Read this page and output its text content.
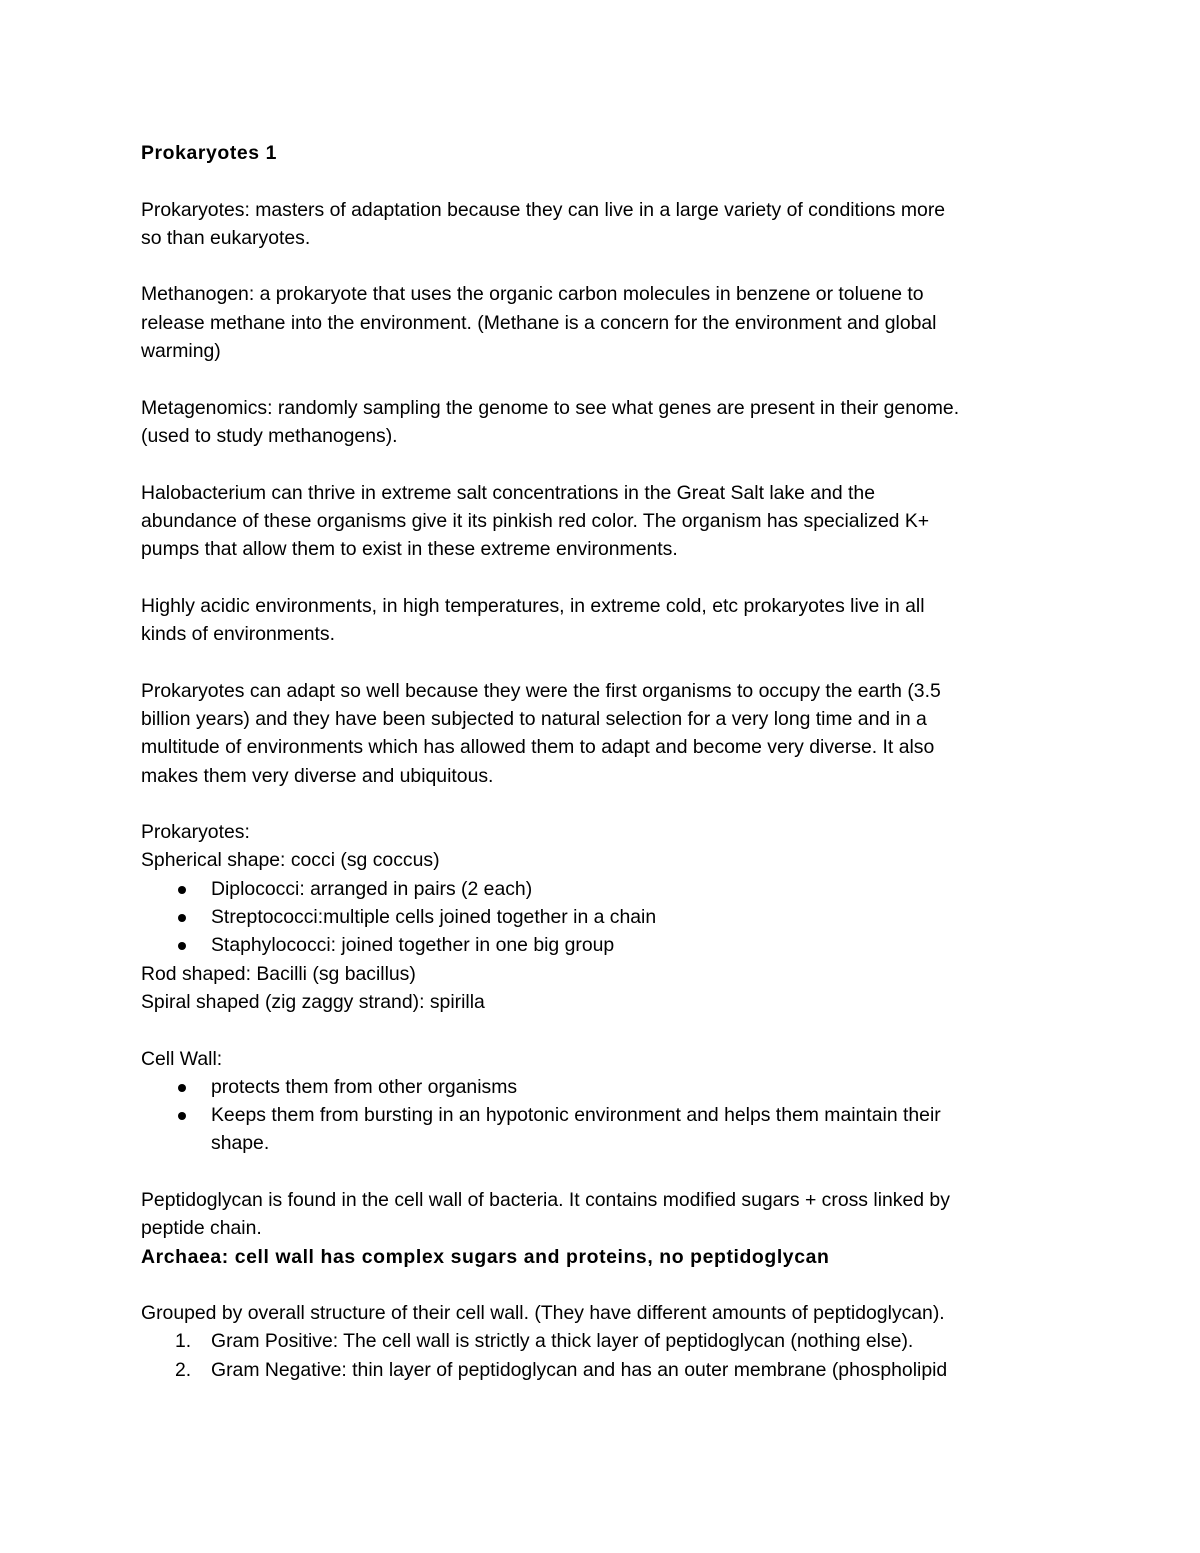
Prokaryotes 1
Prokaryotes: masters of adaptation because they can live in a large variety of conditions more
so than eukaryotes.
Methanogen: a prokaryote that uses the organic carbon molecules in benzene or toluene to
release methane into the environment. (Methane is a concern for the environment and global
warming)
Metagenomics: randomly sampling the genome to see what genes are present in their genome.
(used to study methanogens).
Halobacterium can thrive in extreme salt concentrations in the Great Salt lake and the
abundance of these organisms give it its pinkish red color. The organism has specialized K+
pumps that allow them to exist in these extreme environments.
Highly acidic environments, in high temperatures, in extreme cold, etc prokaryotes live in all
kinds of environments.
Prokaryotes can adapt so well because they were the first organisms to occupy the earth (3.5
billion years) and they have been subjected to natural selection for a very long time and in a
multitude of environments which has allowed them to adapt and become very diverse. It also
makes them very diverse and ubiquitous.
Prokaryotes:
Spherical shape: cocci (sg coccus)
Diplococci: arranged in pairs (2 each)
Streptococci:multiple cells joined together in a chain
Staphylococci: joined together in one big group
Rod shaped: Bacilli (sg bacillus)
Spiral shaped (zig zaggy strand): spirilla
Cell Wall:
protects them from other organisms
Keeps them from bursting in an hypotonic environment and helps them maintain their
shape.
Peptidoglycan is found in the cell wall of bacteria. It contains modified sugars + cross linked by
peptide chain.
Archaea: cell wall has complex sugars and proteins, no peptidoglycan
Grouped by overall structure of their cell wall. (They have different amounts of peptidoglycan).
1. Gram Positive: The cell wall is strictly a thick layer of peptidoglycan (nothing else).
2. Gram Negative: thin layer of peptidoglycan and has an outer membrane (phospholipid
